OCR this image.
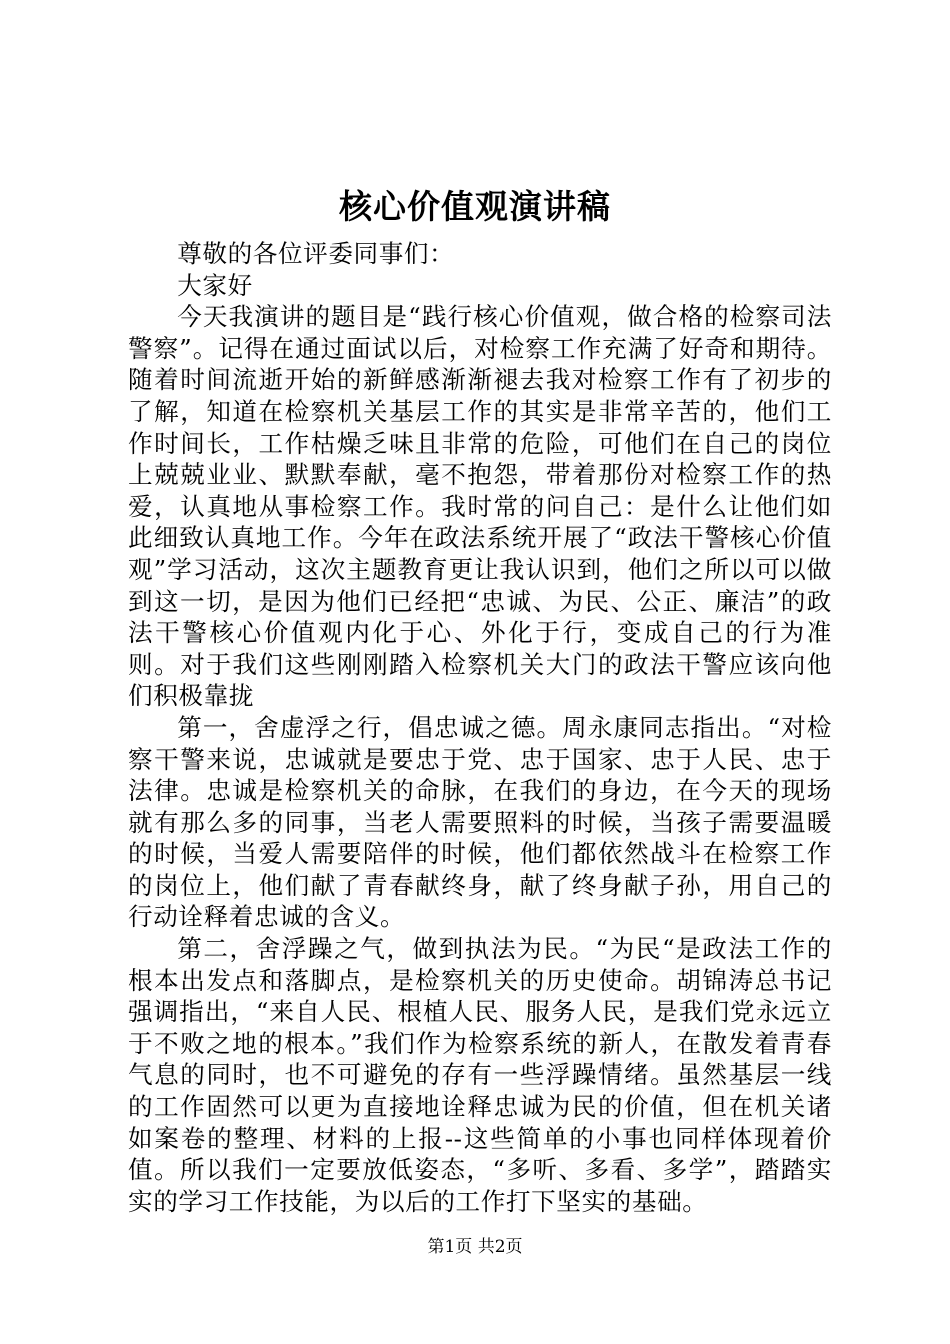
核心价值观演讲稿

尊敬的各位评委同事们：

大家好

今天我演讲的题目是“践行核心价值观，做合格的检察司法警察”。记得在通过面试以后，对检察工作充满了好奇和期待。随着时间流逝开始的新鲜感渐渐褪去我对检察工作有了初步的了解，知道在检察机关基层工作的其实是非常辛苦的，他们工作时间长，工作枯燥乏味且非常的危险，可他们在自己的岗位上兢兢业业、默默奉献，毫不抱怨，带着那份对检察工作的热爱，认真地从事检察工作。我时常的问自己：是什么让他们如此细致认真地工作。今年在政法系统开展了“政法干警核心价值观”学习活动，这次主题教育更让我认识到，他们之所以可以做到这一切，是因为他们已经把“忠诚、为民、公正、廉洁”的政法干警核心价值观内化于心、外化于行，变成自己的行为准则。对于我们这些刚刚踏入检察机关大门的政法干警应该向他们积极靠拢

第一，舍虚浮之行，倡忠诚之德。周永康同志指出。“对检察干警来说，忠诚就是要忠于党、忠于国家、忠于人民、忠于法律。忠诚是检察机关的命脉，在我们的身边，在今天的现场就有那么多的同事，当老人需要照料的时候，当孩子需要温暖的时候，当爱人需要陪伴的时候，他们都依然战斗在检察工作的岗位上，他们献了青春献终身，献了终身献子孙，用自己的行动诠释着忠诚的含义。

第二，舍浮躁之气，做到执法为民。“为民“是政法工作的根本出发点和落脚点，是检察机关的历史使命。胡锦涛总书记强调指出，“来自人民、根植人民、服务人民，是我们党永远立于不败之地的根本。”我们作为检察系统的新人，在散发着青春气息的同时，也不可避免的存有一些浮躁情绪。虽然基层一线的工作固然可以更为直接地诠释忠诚为民的价值，但在机关诸如案卷的整理、材料的上报--这些简单的小事也同样体现着价值。所以我们一定要放低姿态，“多听、多看、多学”，踏踏实实的学习工作技能，为以后的工作打下坚实的基础。

第1页 共2页
